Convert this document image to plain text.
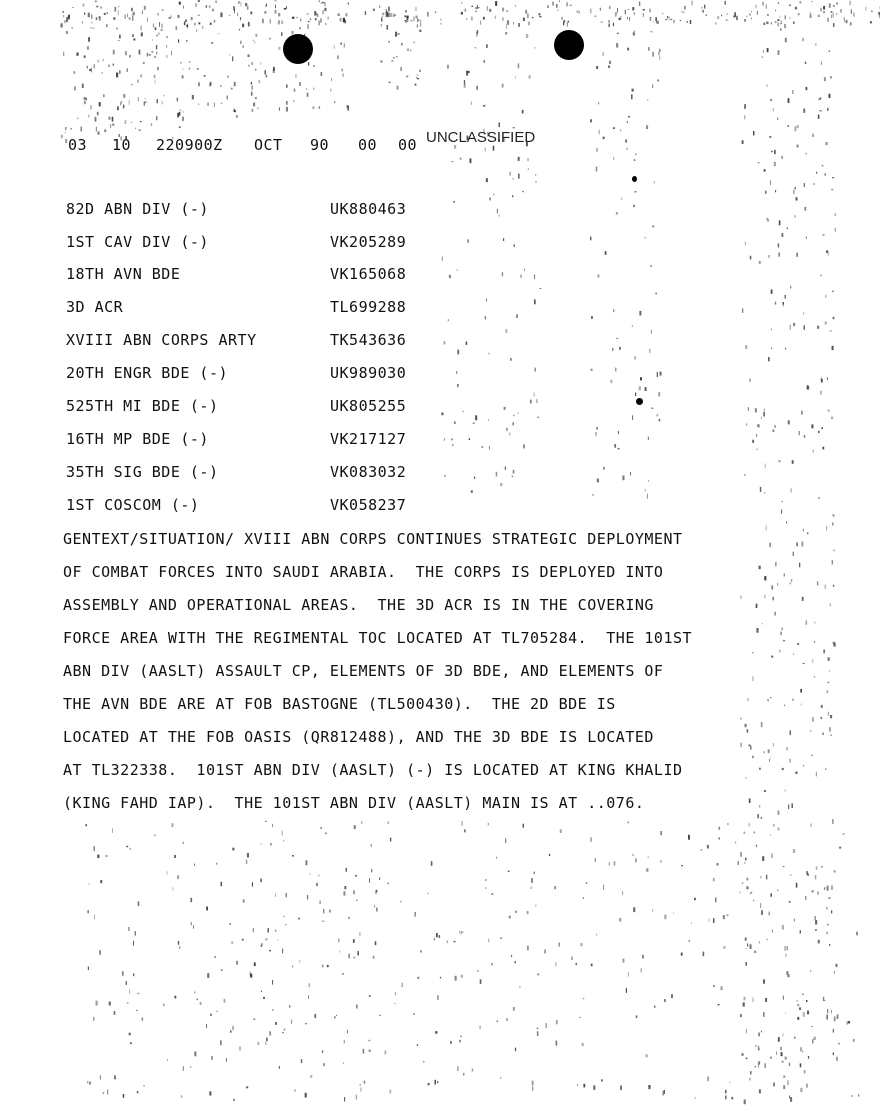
03

10

220900Z

OCT

90

00

00

UNCLASSIFIED

82D ABN DIV (-)

	UK880463

1ST CAV DIV (-)

	VK205289

18TH AVN BDE

	VK165068

3D ACR

	TL699288

XVIII ABN CORPS ARTY

	TK543636

20TH ENGR BDE (-)

	UK989030

525TH MI BDE (-)

	UK805255

16TH MP BDE (-)

	VK217127

35TH SIG BDE (-)

	VK083032

1ST COSCOM (-)

	VK058237

GENTEXT/SITUATION/ XVIII ABN CORPS CONTINUES STRATEGIC DEPLOYMENT

OF COMBAT FORCES INTO SAUDI ARABIA.  THE CORPS IS DEPLOYED INTO

ASSEMBLY AND OPERATIONAL AREAS.  THE 3D ACR IS IN THE COVERING

FORCE AREA WITH THE REGIMENTAL TOC LOCATED AT TL705284.  THE 101ST

ABN DIV (AASLT) ASSAULT CP, ELEMENTS OF 3D BDE, AND ELEMENTS OF

THE AVN BDE ARE AT FOB BASTOGNE (TL500430).  THE 2D BDE IS

LOCATED AT THE FOB OASIS (QR812488), AND THE 3D BDE IS LOCATED

AT TL322338.  101ST ABN DIV (AASLT) (-) IS LOCATED AT KING KHALID

(KING FAHD IAP).  THE 101ST ABN DIV (AASLT) MAIN IS AT ..076.
